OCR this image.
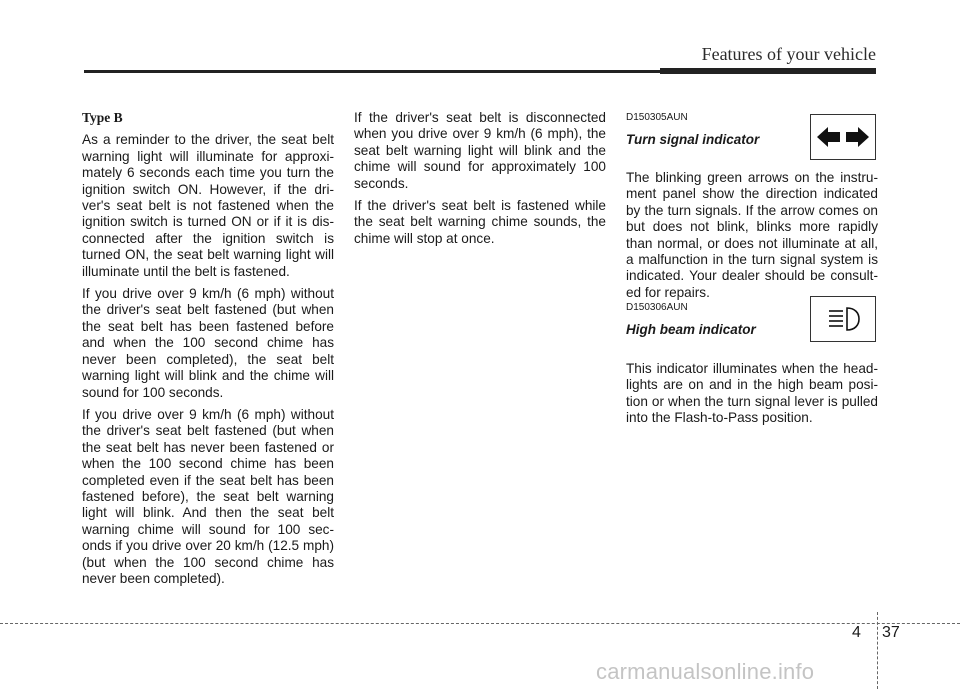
Features of your vehicle
Type B

As a reminder to the driver, the seat belt warning light will illuminate for approxi-mately 6 seconds each time you turn the ignition switch ON. However, if the dri-ver's seat belt is not fastened when the ignition switch is turned ON or if it is dis-connected after the ignition switch is turned ON, the seat belt warning light will illuminate until the belt is fastened.

If you drive over 9 km/h (6 mph) without the driver's seat belt fastened (but when the seat belt has been fastened before and when the 100 second chime has never been completed), the seat belt warning light will blink and the chime will sound for 100 seconds.

If you drive over 9 km/h (6 mph) without the driver's seat belt fastened (but when the seat belt has never been fastened or when the 100 second chime has been completed even if the seat belt has been fastened before), the seat belt warning light will blink. And then the seat belt warning chime will sound for 100 sec-onds if you drive over 20 km/h (12.5 mph) (but when the 100 second chime has never been completed).

If the driver's seat belt is disconnected when you drive over 9 km/h (6 mph), the seat belt warning light will blink and the chime will sound for approximately 100 seconds.

If the driver's seat belt is fastened while the seat belt warning chime sounds, the chime will stop at once.

D150305AUN

Turn signal indicator

The blinking green arrows on the instru-ment panel show the direction indicated by the turn signals. If the arrow comes on but does not blink, blinks more rapidly than normal, or does not illuminate at all, a malfunction in the turn signal system is indicated. Your dealer should be consult-ed for repairs.

D150306AUN

High beam indicator

This indicator illuminates when the head-lights are on and in the high beam posi-tion or when the turn signal lever is pulled into the Flash-to-Pass position.

4 37
carmanualsonline.info
